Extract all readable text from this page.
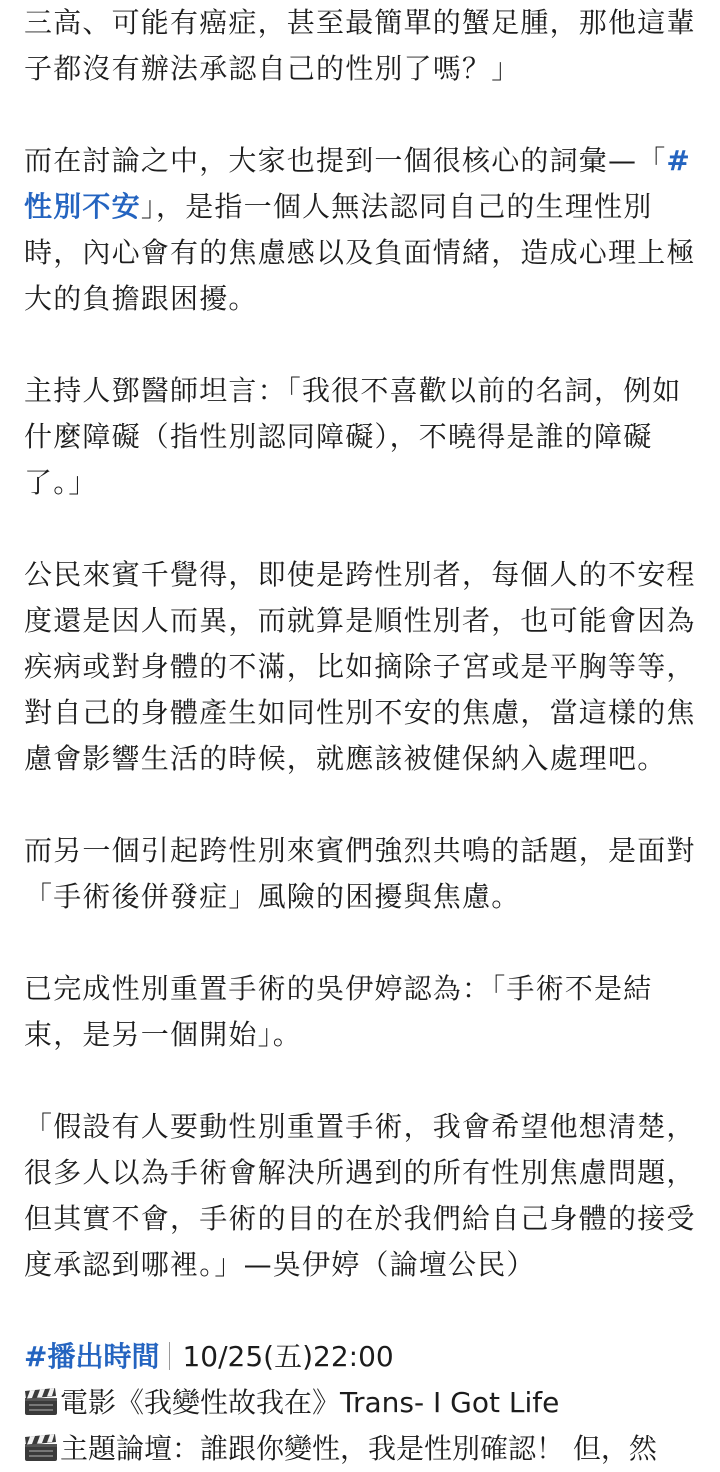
三高、可能有癌症，甚至最簡單的蟹足腫，那他這輩

子都沒有辦法承認自己的性別了嗎？」

而在討論之中，大家也提到一個很核心的詞彙—「#

性別不安」，是指一個人無法認同自己的生理性別

時，內心會有的焦慮感以及負面情緒，造成心理上極

大的負擔跟困擾。

主持人鄧醫師坦言：「我很不喜歡以前的名詞，例如

什麼障礙（指性別認同障礙），不曉得是誰的障礙

了。」

公民來賓千覺得，即使是跨性別者，每個人的不安程

度還是因人而異，而就算是順性別者，也可能會因為

疾病或對身體的不滿，比如摘除子宮或是平胸等等，

對自己的身體產生如同性別不安的焦慮，當這樣的焦

慮會影響生活的時候，就應該被健保納入處理吧。

而另一個引起跨性別來賓們強烈共鳴的話題，是面對

「手術後併發症」風險的困擾與焦慮。

已完成性別重置手術的吳伊婷認為：「手術不是結

束，是另一個開始」。

「假設有人要動性別重置手術，我會希望他想清楚，

很多人以為手術會解決所遇到的所有性別焦慮問題，

但其實不會，手術的目的在於我們給自己身體的接受

度承認到哪裡。」—吳伊婷（論壇公民）

#播出時間 10/25(五)22:00
電影《我變性故我在》Trans- I Got Life
主題論壇：誰跟你變性，我是性別確認！ 但，然
